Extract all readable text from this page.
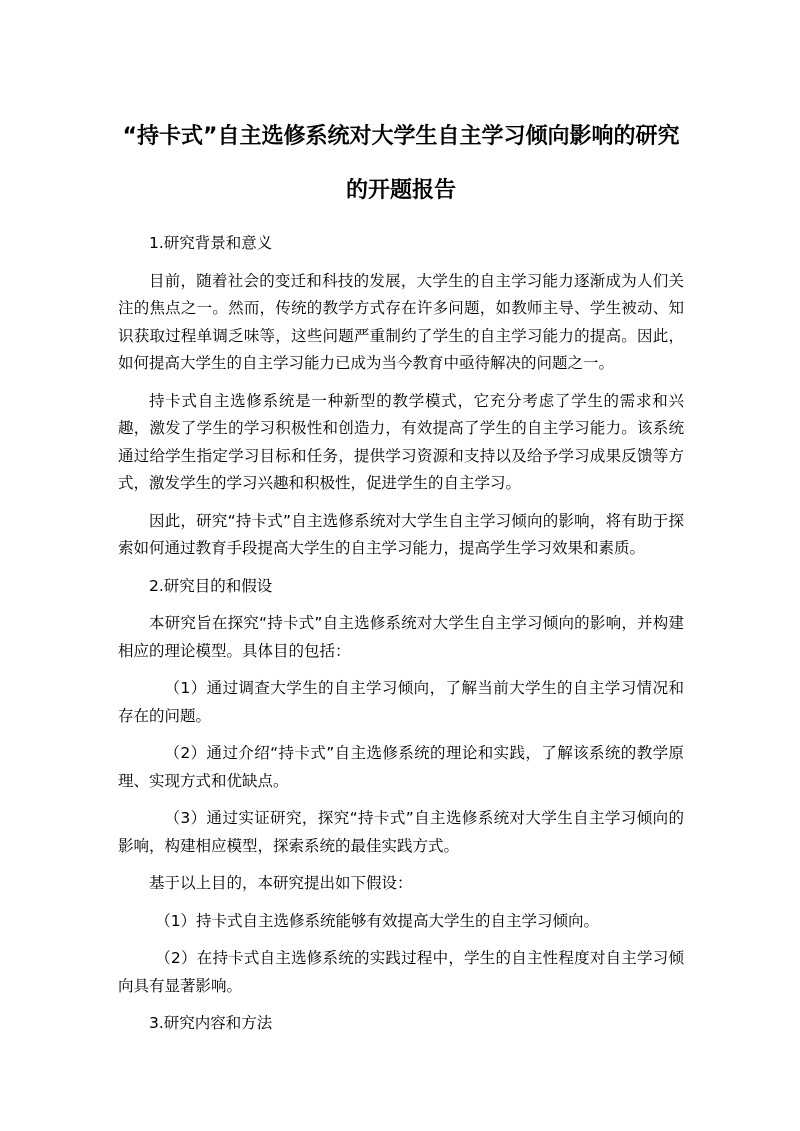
“持卡式”自主选修系统对大学生自主学习倾向影响的研究的开题报告

1.研究背景和意义

目前，随着社会的变迁和科技的发展，大学生的自主学习能力逐渐成为人们关注的焦点之一。然而，传统的教学方式存在许多问题，如教师主导、学生被动、知识获取过程单调乏味等，这些问题严重制约了学生的自主学习能力的提高。因此，如何提高大学生的自主学习能力已成为当今教育中亟待解决的问题之一。

持卡式自主选修系统是一种新型的教学模式，它充分考虑了学生的需求和兴趣，激发了学生的学习积极性和创造力，有效提高了学生的自主学习能力。该系统通过给学生指定学习目标和任务，提供学习资源和支持以及给予学习成果反馈等方式，激发学生的学习兴趣和积极性，促进学生的自主学习。

因此，研究“持卡式”自主选修系统对大学生自主学习倾向的影响，将有助于探索如何通过教育手段提高大学生的自主学习能力，提高学生学习效果和素质。

2.研究目的和假设

本研究旨在探究“持卡式”自主选修系统对大学生自主学习倾向的影响，并构建相应的理论模型。具体目的包括：

（1）通过调查大学生的自主学习倾向，了解当前大学生的自主学习情况和存在的问题。

（2）通过介绍“持卡式”自主选修系统的理论和实践，了解该系统的教学原理、实现方式和优缺点。

（3）通过实证研究，探究“持卡式”自主选修系统对大学生自主学习倾向的影响，构建相应模型，探索系统的最佳实践方式。

基于以上目的，本研究提出如下假设：

（1）持卡式自主选修系统能够有效提高大学生的自主学习倾向。

（2）在持卡式自主选修系统的实践过程中，学生的自主性程度对自主学习倾向具有显著影响。

3.研究内容和方法
